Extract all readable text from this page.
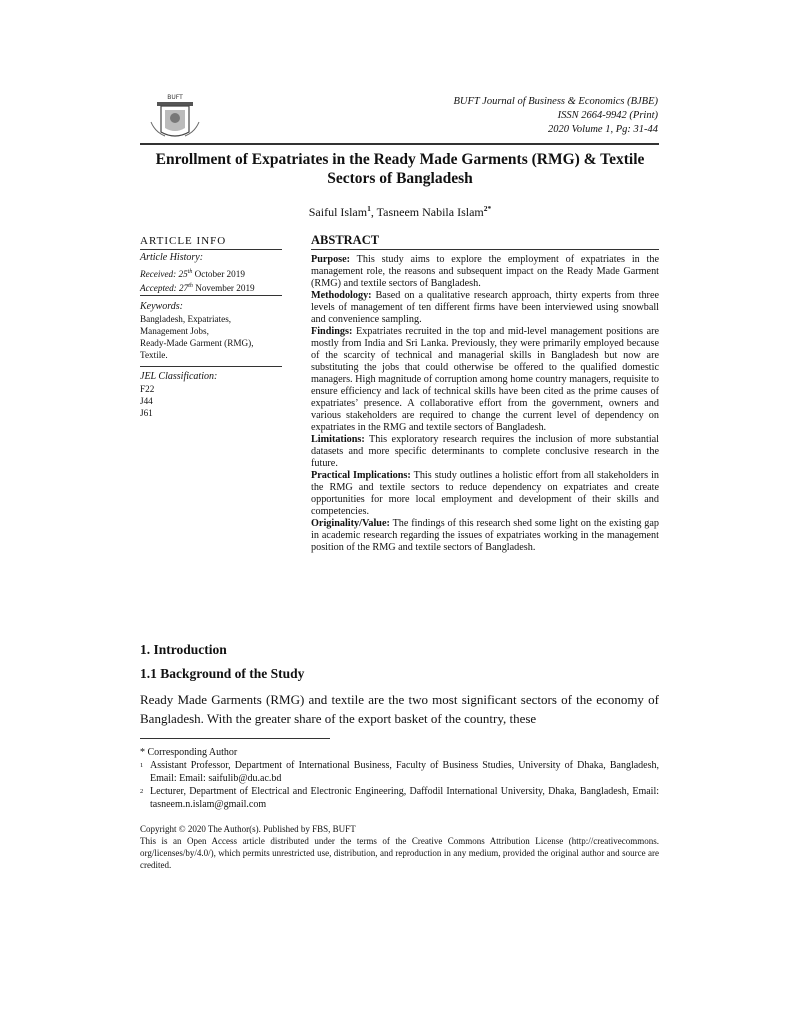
BUFT	BUFT Journal of Business & Economics (BJBE)
ISSN 2664-9942 (Print)
2020 Volume 1, Pg: 31-44
Enrollment of Expatriates in the Ready Made Garments (RMG) & Textile
Sectors of Bangladesh
Saiful Islam$^1$, Tasneem Nabila Islam$^{2*}$
ARTICLE INFO
Article History:
Received: 25th October 2019
Accepted: 27th November 2019
Keywords:
Bangladesh, Expatriates,
Management Jobs,
Ready-Made Garment (RMG),
Textile.
JEL Classification:
F22
J44
J61
ABSTRACT

Purpose: This study aims to explore the employment of expatriates in the management role, the reasons and subsequent impact on the Ready Made Garment (RMG) and textile sectors of Bangladesh.

Methodology: Based on a qualitative research approach, thirty experts from three levels of management of ten different firms have been interviewed using snowball and convenience sampling.

Findings: Expatriates recruited in the top and mid-level management positions are mostly from India and Sri Lanka. Previously, they were primarily employed because of the scarcity of technical and managerial skills in Bangladesh but now are substituting the jobs that could otherwise be offered to the qualified domestic managers. High magnitude of corruption among home country managers, requisite to ensure efficiency and lack of technical skills have been cited as the prime causes of expatriates’ presence. A collaborative effort from the government, owners and various stakeholders are required to change the current level of dependency on expatriates in the RMG and textile sectors of Bangladesh.

Limitations: This exploratory research requires the inclusion of more substantial datasets and more specific determinants to complete conclusive research in the future.

Practical Implications: This study outlines a holistic effort from all stakeholders in the RMG and textile sectors to reduce dependency on expatriates and create opportunities for more local employment and development of their skills and competencies.

Originality/Value: The findings of this research shed some light on the existing gap in academic research regarding the issues of expatriates working in the management position of the RMG and textile sectors of Bangladesh.

1. Introduction
1.1 Background of the Study
Ready Made Garments (RMG) and textile are the two most significant sectors of the economy of Bangladesh. With the greater share of the export basket of the country, these
* Corresponding Author
1 Assistant Professor, Department of International Business, Faculty of Business Studies, University of Dhaka, Bangladesh, Email: Email: saifulib@du.ac.bd
2 Lecturer, Department of Electrical and Electronic Engineering, Daffodil International University, Dhaka, Bangladesh, Email: tasneem.n.islam@gmail.com
Copyright © 2020 The Author(s). Published by FBS, BUFT
This is an Open Access article distributed under the terms of the Creative Commons Attribution License (http://creativecommons. org/licenses/by/4.0/), which permits unrestricted use, distribution, and reproduction in any medium, provided the original author and source are credited.
